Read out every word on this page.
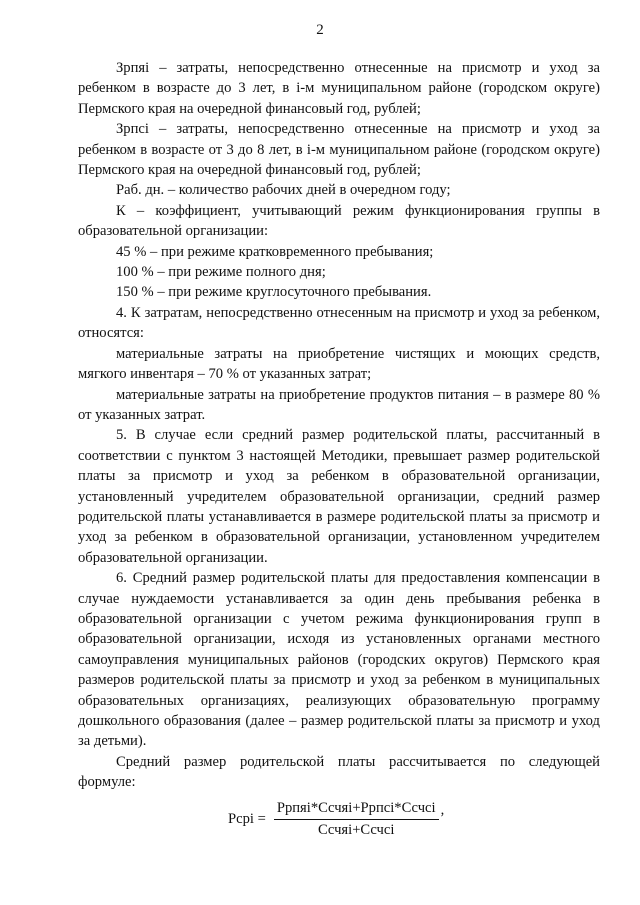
2

Зрпяi – затраты, непосредственно отнесенные на присмотр и уход за ребенком в возрасте до 3 лет, в i-м муниципальном районе (городском округе) Пермского края на очередной финансовый год, рублей;

Зрпсi – затраты, непосредственно отнесенные на присмотр и уход за ребенком в возрасте от 3 до 8 лет, в i-м муниципальном районе (городском округе) Пермского края на очередной финансовый год, рублей;

Раб. дн. – количество рабочих дней в очередном году;

К – коэффициент, учитывающий режим функционирования группы в образовательной организации:

45 % – при режиме кратковременного пребывания;

100 % – при режиме полного дня;

150 % – при режиме круглосуточного пребывания.

4. К затратам, непосредственно отнесенным на присмотр и уход за ребенком, относятся:

материальные затраты на приобретение чистящих и моющих средств, мягкого инвентаря – 70 % от указанных затрат;

материальные затраты на приобретение продуктов питания – в размере 80 % от указанных затрат.

5. В случае если средний размер родительской платы, рассчитанный в соответствии с пунктом 3 настоящей Методики, превышает размер родительской платы за присмотр и уход за ребенком в образовательной организации, установленный учредителем образовательной организации, средний размер родительской платы устанавливается в размере родительской платы за присмотр и уход за ребенком в образовательной организации, установленном учредителем образовательной организации.

6. Средний размер родительской платы для предоставления компенсации в случае нуждаемости устанавливается за один день пребывания ребенка в образовательной организации с учетом режима функционирования групп в образовательной организации, исходя из установленных органами местного самоуправления муниципальных районов (городских округов) Пермского края размеров родительской платы за присмотр и уход за ребенком в муниципальных образовательных организациях, реализующих образовательную программу дошкольного образования (далее – размер родительской платы за присмотр и уход за детьми).

Средний размер родительской платы рассчитывается по следующей формуле:

Рсрi = $\frac{\text{Ррпяi*Ссчяi+Ррпсi*Ссчсi}}{\text{Ссчяi+Ссчсi}}$ ,
